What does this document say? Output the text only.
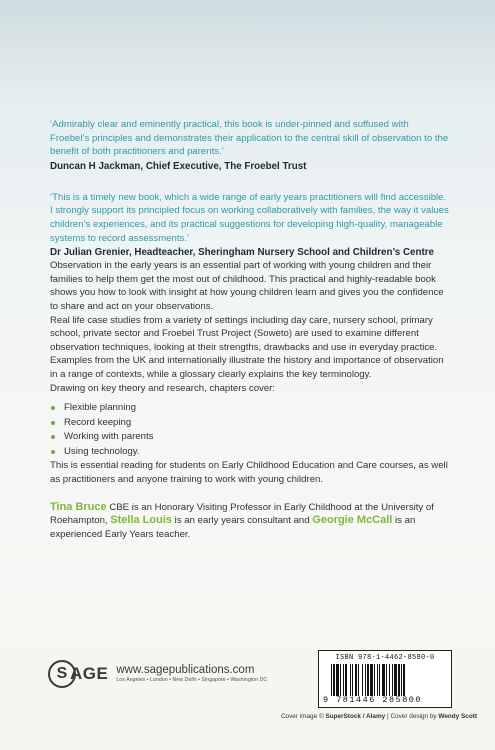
‘Admirably clear and eminently practical, this book is under-pinned and suffused with Froebel’s principles and demonstrates their application to the central skill of observation to the benefit of both practitioners and parents.’

Duncan H Jackman, Chief Executive, The Froebel Trust

‘This is a timely new book, which a wide range of early years practitioners will find accessible. I strongly support its principled focus on working collaboratively with families, the way it values children’s experiences, and its practical suggestions for developing high-quality, manageable systems to record assessments.’

Dr Julian Grenier, Headteacher, Sheringham Nursery School and Children’s Centre

Observation in the early years is an essential part of working with young children and their families to help them get the most out of childhood. This practical and highly-readable book shows you how to look with insight at how young children learn and gives you the confidence to share and act on your observations.

Real life case studies from a variety of settings including day care, nursery school, primary school, private sector and Froebel Trust Project (Soweto) are used to examine different observation techniques, looking at their strengths, drawbacks and use in everyday practice. Examples from the UK and internationally illustrate the history and importance of observation in a range of contexts, while a glossary clearly explains the key terminology.

Drawing on key theory and research, chapters cover:

Flexible planning
Record keeping
Working with parents
Using technology.

This is essential reading for students on Early Childhood Education and Care courses, as well as practitioners and anyone training to work with young children.

Tina Bruce CBE is an Honorary Visiting Professor in Early Childhood at the University of Roehampton, Stella Louis is an early years consultant and Georgie McCall is an experienced Early Years teacher.

S AGE www.sagepublications.com
Los Angeles • London • New Delhi • Singapore • Washington DC
ISBN 978-1-4462-8580-0
9 781446 285800
Cover image © SuperStock / Alamy | Cover design by Wendy Scott
